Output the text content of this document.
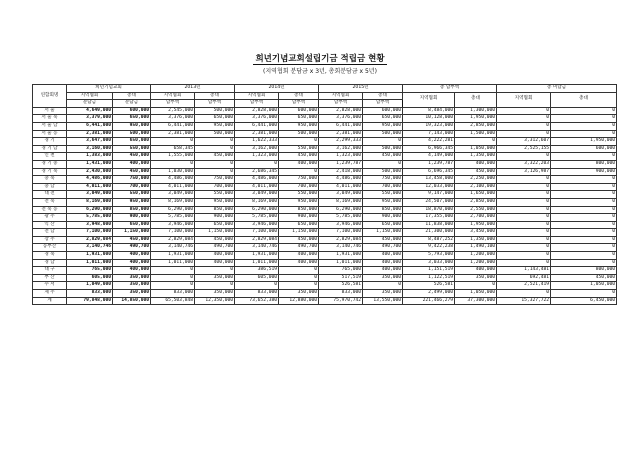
희년기념교회설립기금 적립금 현황
(지역협회 분담금 x 3년, 총회분담금 x 5년)
연합회명	희년기념교회		2013년		2014년		2015년		총 납부액		총 미납금	
	지역협회	총대	지역협회	총대	지역협회	총대	지역협회	총대	지역협회	총대	지역협회	총대
	분담금	분담금	납부액	납부액	납부액	납부액	납부액	납부액				
서 울	4,649,000	600,000	2,545,000	500,000	2,828,000	600,000	2,828,000	600,000	8,484,000	1,300,000	0	0
서 울 북	3,379,000	650,000	3,376,000	650,000	3,376,000	650,000	3,376,000	650,000	10,128,000	1,950,000	0	0
서 울 남	6,441,000	950,000	6,441,000	950,000	6,441,000	950,000	6,441,000	950,000	19,323,000	2,850,000	0	0
서 울 동	2,381,000	500,000	2,381,000	500,000	2,381,000	500,000	2,381,000	500,000	7,143,000	1,500,000	0	0
경 기	3,647,000	650,000	0	0	1,622,333	0	2,299,333	0	4,222,281	0	3,312,607	1,950,000
경 기 남	3,160,000	550,000	658,345	0	3,162,000	550,000	3,162,000	500,000	6,966,345	1,050,000	2,525,155	600,000
인 천	1,383,000	450,000	1,555,000	450,000	1,323,000	450,000	1,323,000	450,000	4,149,000	1,350,000	0	0
경 기 중	1,431,000	400,000	0	0	0	400,000	1,239,787	0	1,239,787	400,000	3,322,203	800,000
경 기 북	2,430,000	450,000	1,030,000	0	2,686,345	0	2,418,000	500,000	6,696,345	450,000	3,126,987	900,000
충 북	4,486,000	750,000	4,486,000	750,000	4,486,000	750,000	4,486,000	750,000	13,458,000	2,250,000	0	0
충 남	4,011,000	700,000	4,011,000	700,000	4,011,000	700,000	4,011,000	700,000	12,033,000	2,100,000	0	0
대 전	3,049,000	550,000	3,049,000	550,000	3,049,000	550,000	3,049,000	550,000	9,147,000	1,650,000	0	0
전 북	8,169,000	950,000	8,169,000	950,000	8,169,000	950,000	8,169,000	950,000	24,507,000	2,850,000	0	0
전 북 동	6,290,000	850,000	6,290,000	850,000	6,290,000	850,000	6,290,000	850,000	18,870,000	2,550,000	0	0
광 주	5,785,000	900,000	5,785,000	900,000	5,785,000	900,000	5,785,000	900,000	17,355,000	2,700,000	0	0
익 산	3,948,000	650,000	3,946,000	650,000	3,946,000	650,000	3,946,000	650,000	11,838,000	1,950,000	0	0
전 남	7,100,000	1,150,000	7,100,000	1,150,000	7,100,000	1,150,000	7,100,000	1,150,000	21,300,000	3,450,000	0	0
장 주	2,829,084	450,000	2,829,084	450,000	2,829,084	450,000	2,829,084	450,000	8,487,252	1,350,000	0	0
동부산	3,140,746	490,700	3,140,746	490,700	3,140,746	490,700	3,140,746	490,700	9,422,238	1,490,100	0	0
경 북	1,931,000	400,000	1,931,000	400,000	1,931,000	400,000	1,931,000	400,000	5,793,000	1,200,000	0	0
경 남	1,011,000	400,000	1,011,000	400,000	1,011,000	400,000	1,011,000	400,000	3,033,000	1,200,000	0	0
대 구	765,000	400,000	0	0	386,519	0	765,000	400,000	1,151,519	400,000	1,143,481	800,000
부 산	605,000	350,000	0	350,000	605,000	0	517,519	350,000	1,122,519	350,000	692,481	450,000
수 서	1,049,000	350,000	0	0	0	0	526,581	0	526,581	0	2,521,419	1,050,000
제 주	833,000	350,000	833,000	350,000	833,000	350,000	833,000	350,000	2,499,000	1,050,000	0	0
계	79,848,000	14,850,000	65,503,848	12,350,000	73,652,380	12,880,000	75,970,742	13,550,000	221,466,279	37,300,000	15,327,722	6,450,000
